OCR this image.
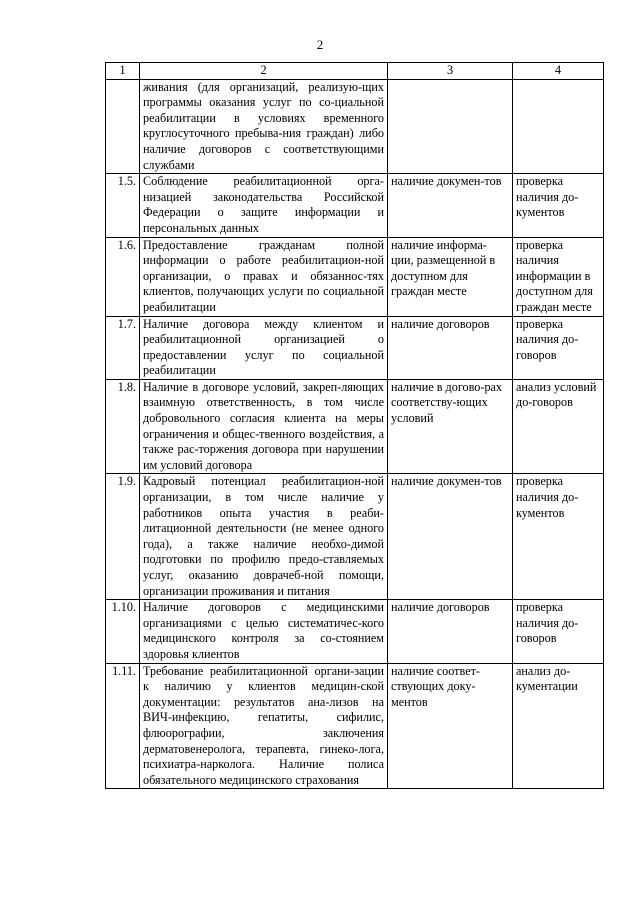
2
1	2	3	4
	живания (для организаций, реализую-щих программы оказания услуг по со-циальной реабилитации в условиях временного круглосуточного пребыва-ния граждан) либо наличие договоров с соответствующими службами		
1.5.	Соблюдение реабилитационной орга-низацией законодательства Российской Федерации о защите информации и персональных данных	наличие докумен-тов	проверка наличия до-кументов
1.6.	Предоставление гражданам полной информации о работе реабилитацион-ной организации, о правах и обязаннос-тях клиентов, получающих услуги по социальной реабилитации	наличие информа-ции, размещенной в доступном для граждан месте	проверка наличия информации в доступном для граждан месте
1.7.	Наличие договора между клиентом и реабилитационной организацией о предоставлении услуг по социальной реабилитации	наличие договоров	проверка наличия до-говоров
1.8.	Наличие в договоре условий, закреп-ляющих взаимную ответственность, в том числе добровольного согласия клиента на меры ограничения и общес-твенного воздействия, а также рас-торжения договора при нарушении им условий договора	наличие в догово-рах соответству-ющих условий	анализ условий до-говоров
1.9.	Кадровый потенциал реабилитацион-ной организации, в том числе наличие у работников опыта участия в реаби-литационной деятельности (не менее одного года), а также наличие необхо-димой подготовки по профилю предо-ставляемых услуг, оказанию доврачеб-ной помощи, организации проживания и питания	наличие докумен-тов	проверка наличия до-кументов
1.10.	Наличие договоров с медицинскими организациями с целью систематичес-кого медицинского контроля за со-стоянием здоровья клиентов	наличие договоров	проверка наличия до-говоров
1.11.	Требование реабилитационной органи-зации к наличию у клиентов медицин-ской документации: результатов ана-лизов на ВИЧ-инфекцию, гепатиты, сифилис, флюорографии, заключения дерматовенеролога, терапевта, гинеко-лога, психиатра-нарколога. Наличие полиса обязательного медицинского страхования	наличие соответ-ствующих доку-ментов	анализ до-кументации
